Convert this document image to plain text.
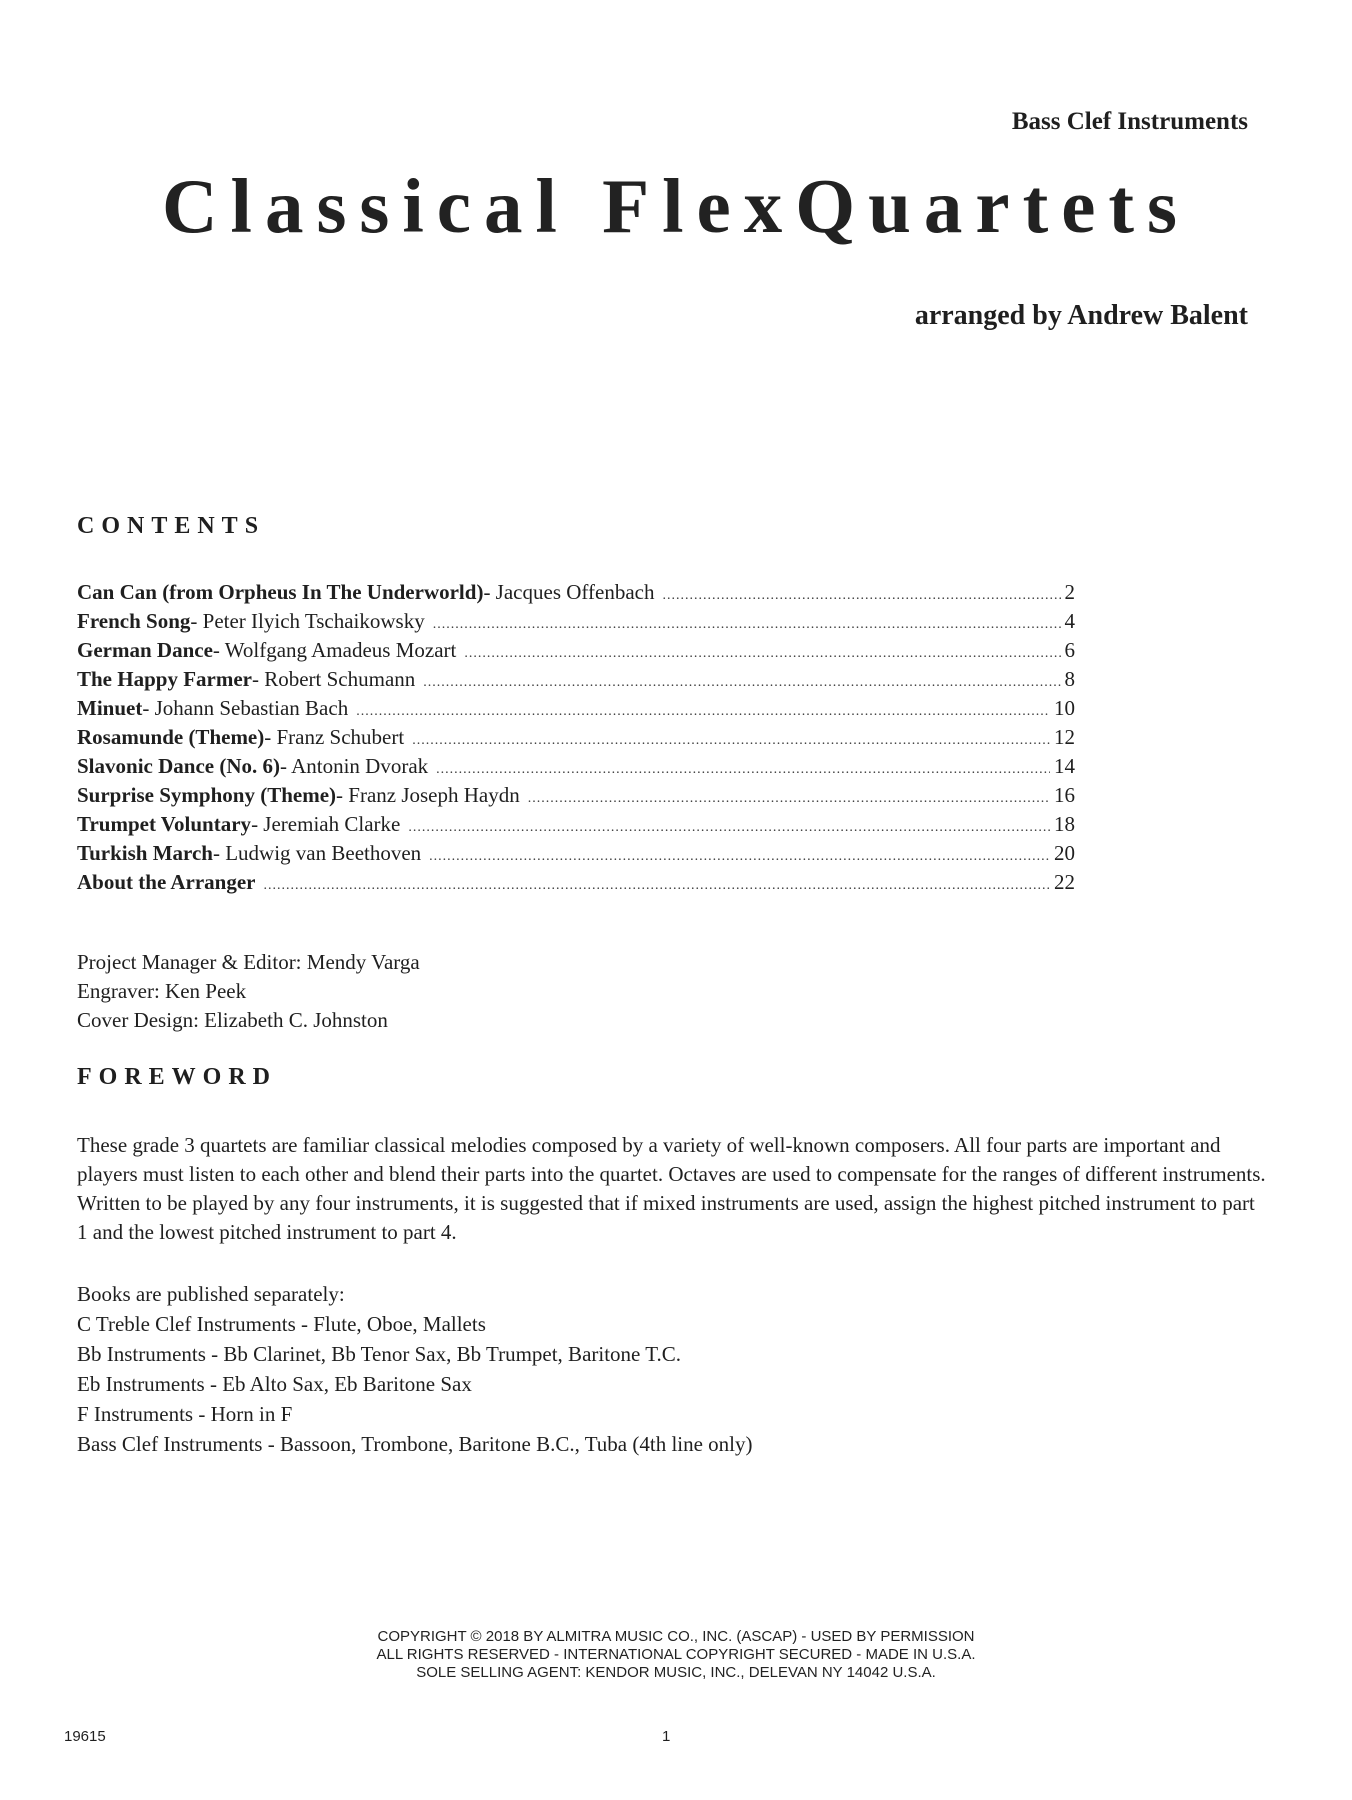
Bass Clef Instruments
Classical FlexQuartets
arranged by Andrew Balent
CONTENTS
Can Can (from Orpheus In The Underworld) - Jacques Offenbach .....	2
French Song - Peter Ilyich Tschaikowsky .....	4
German Dance - Wolfgang Amadeus Mozart .....	6
The Happy Farmer - Robert Schumann .....	8
Minuet - Johann Sebastian Bach .....	10
Rosamunde (Theme) - Franz Schubert .....	12
Slavonic Dance (No. 6) - Antonin Dvorak .....	14
Surprise Symphony (Theme) - Franz Joseph Haydn .....	16
Trumpet Voluntary - Jeremiah Clarke .....	18
Turkish March - Ludwig van Beethoven .....	20
About the Arranger .....	22
Project Manager & Editor: Mendy Varga
Engraver: Ken Peek
Cover Design: Elizabeth C. Johnston
FOREWORD
These grade 3 quartets are familiar classical melodies composed by a variety of well-known composers. All four parts are important and players must listen to each other and blend their parts into the quartet. Octaves are used to compensate for the ranges of different instruments. Written to be played by any four instruments, it is suggested that if mixed instruments are used, assign the highest pitched instrument to part 1 and the lowest pitched instrument to part 4.
Books are published separately:
C Treble Clef Instruments - Flute, Oboe, Mallets
Bb Instruments - Bb Clarinet, Bb Tenor Sax, Bb Trumpet, Baritone T.C.
Eb Instruments - Eb Alto Sax, Eb Baritone Sax
F Instruments - Horn in F
Bass Clef Instruments - Bassoon, Trombone, Baritone B.C., Tuba (4th line only)
COPYRIGHT © 2018 BY ALMITRA MUSIC CO., INC. (ASCAP) - USED BY PERMISSION
ALL RIGHTS RESERVED - INTERNATIONAL COPYRIGHT SECURED - MADE IN U.S.A.
SOLE SELLING AGENT: KENDOR MUSIC, INC., DELEVAN NY 14042 U.S.A.
19615	1
